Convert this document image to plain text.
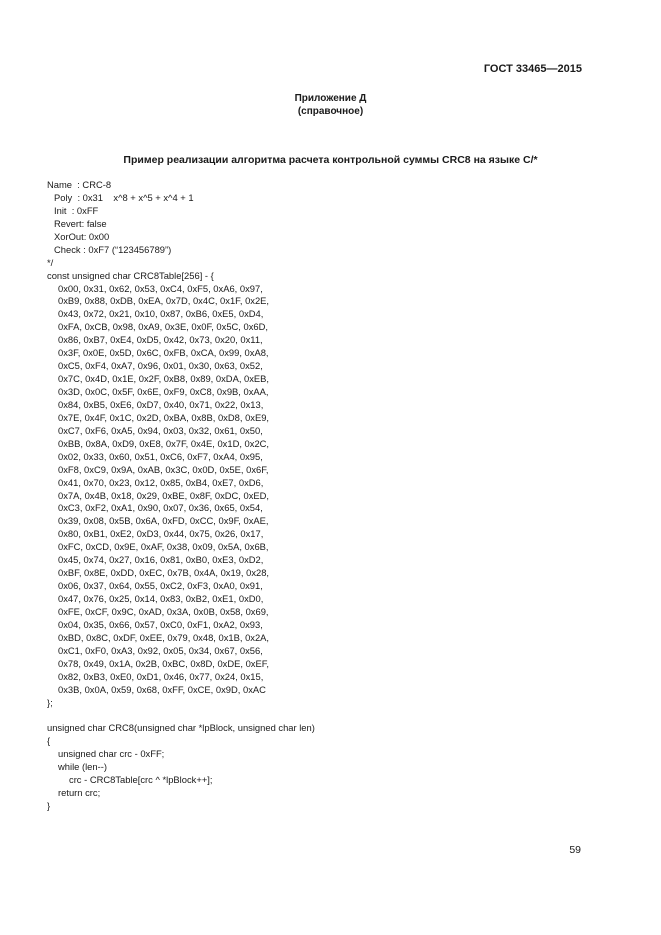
ГОСТ 33465—2015
Приложение Д
(справочное)
Пример реализации алгоритма расчета контрольной суммы CRC8 на языке С/*
Name  : CRC-8
Poly  : 0x31    x^8 + x^5 + x^4 + 1
Init  : 0xFF
Revert: false
XorOut: 0x00
Check : 0xF7 (“123456789”)
*/
const unsigned char CRC8Table[256] - {
0x00, 0x31, 0x62, 0x53, 0xC4, 0xF5, 0xA6, 0x97,
0xB9, 0x88, 0xDB, 0xEA, 0x7D, 0x4C, 0x1F, 0x2E,
0x43, 0x72, 0x21, 0x10, 0x87, 0xB6, 0xE5, 0xD4,
0xFA, 0xCB, 0x98, 0xA9, 0x3E, 0x0F, 0x5C, 0x6D,
0x86, 0xB7, 0xE4, 0xD5, 0x42, 0x73, 0x20, 0x11,
0x3F, 0x0E, 0x5D, 0x6C, 0xFB, 0xCA, 0x99, 0xA8,
0xC5, 0xF4, 0xA7, 0x96, 0x01, 0x30, 0x63, 0x52,
0x7C, 0x4D, 0x1E, 0x2F, 0xB8, 0x89, 0xDA, 0xEB,
0x3D, 0x0C, 0x5F, 0x6E, 0xF9, 0xC8, 0x9B, 0xAA,
0x84, 0xB5, 0xE6, 0xD7, 0x40, 0x71, 0x22, 0x13,
0x7E, 0x4F, 0x1C, 0x2D, 0xBA, 0x8B, 0xD8, 0xE9,
0xC7, 0xF6, 0xA5, 0x94, 0x03, 0x32, 0x61, 0x50,
0xBB, 0x8A, 0xD9, 0xE8, 0x7F, 0x4E, 0x1D, 0x2C,
0x02, 0x33, 0x60, 0x51, 0xC6, 0xF7, 0xA4, 0x95,
0xF8, 0xC9, 0x9A, 0xAB, 0x3C, 0x0D, 0x5E, 0x6F,
0x41, 0x70, 0x23, 0x12, 0x85, 0xB4, 0xE7, 0xD6,
0x7A, 0x4B, 0x18, 0x29, 0xBE, 0x8F, 0xDC, 0xED,
0xC3, 0xF2, 0xA1, 0x90, 0x07, 0x36, 0x65, 0x54,
0x39, 0x08, 0x5B, 0x6A, 0xFD, 0xCC, 0x9F, 0xAE,
0x80, 0xB1, 0xE2, 0xD3, 0x44, 0x75, 0x26, 0x17,
0xFC, 0xCD, 0x9E, 0xAF, 0x38, 0x09, 0x5A, 0x6B,
0x45, 0x74, 0x27, 0x16, 0x81, 0xB0, 0xE3, 0xD2,
0xBF, 0x8E, 0xDD, 0xEC, 0x7B, 0x4A, 0x19, 0x28,
0x06, 0x37, 0x64, 0x55, 0xC2, 0xF3, 0xA0, 0x91,
0x47, 0x76, 0x25, 0x14, 0x83, 0xB2, 0xE1, 0xD0,
0xFE, 0xCF, 0x9C, 0xAD, 0x3A, 0x0B, 0x58, 0x69,
0x04, 0x35, 0x66, 0x57, 0xC0, 0xF1, 0xA2, 0x93,
0xBD, 0x8C, 0xDF, 0xEE, 0x79, 0x48, 0x1B, 0x2A,
0xC1, 0xF0, 0xA3, 0x92, 0x05, 0x34, 0x67, 0x56,
0x78, 0x49, 0x1A, 0x2B, 0xBC, 0x8D, 0xDE, 0xEF,
0x82, 0xB3, 0xE0, 0xD1, 0x46, 0x77, 0x24, 0x15,
0x3B, 0x0A, 0x59, 0x68, 0xFF, 0xCE, 0x9D, 0xAC
};
unsigned char CRC8(unsigned char *lpBlock, unsigned char len)
{
unsigned char crc - 0xFF;
while (len--)
crc - CRC8Table[crc ^ *lpBlock++];
return crc;
}
59
